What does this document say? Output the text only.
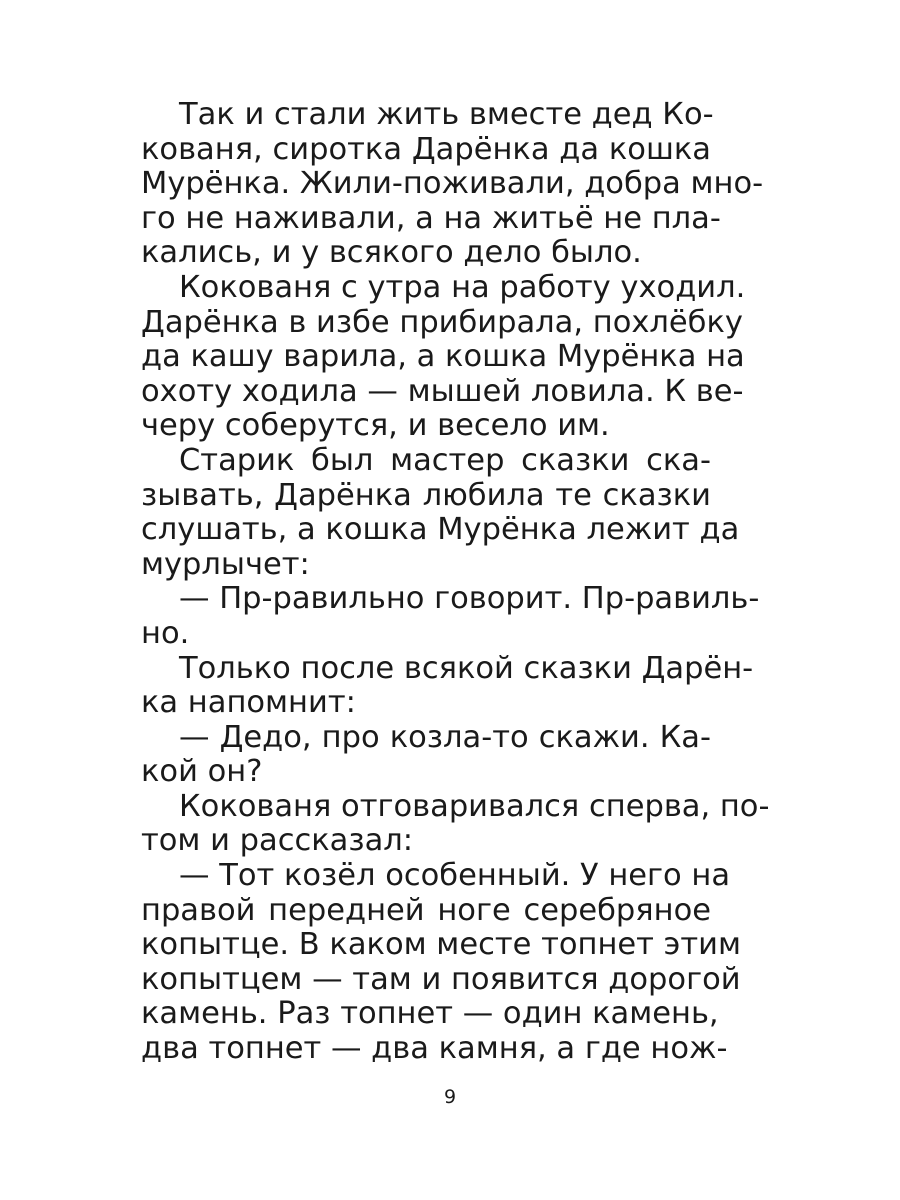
Так и стали жить вместе дед Ко-
кованя, сиротка Дарёнка да кошка
Мурёнка. Жили-поживали, добра мно-
го не наживали, а на житьё не пла-
кались, и у всякого дело было.
Кокованя с утра на работу уходил.
Дарёнка в избе прибирала, похлёбку
да кашу варила, а кошка Мурёнка на
охоту ходила — мышей ловила. К ве-
черу соберутся, и весело им.
Старик был мастер сказки ска-
зывать, Дарёнка любила те сказки
слушать, а кошка Мурёнка лежит да
мурлычет:
— Пр-равильно говорит. Пр-равиль-
но.
Только после всякой сказки Дарён-
ка напомнит:
— Дедо, про козла-то скажи. Ка-
кой он?
Кокованя отговаривался сперва, по-
том и рассказал:
— Тот козёл особенный. У него на
правой передней ноге серебряное
копытце. В каком месте топнет этим
копытцем — там и появится дорогой
камень. Раз топнет — один камень,
два топнет — два камня, а где нож-
9
